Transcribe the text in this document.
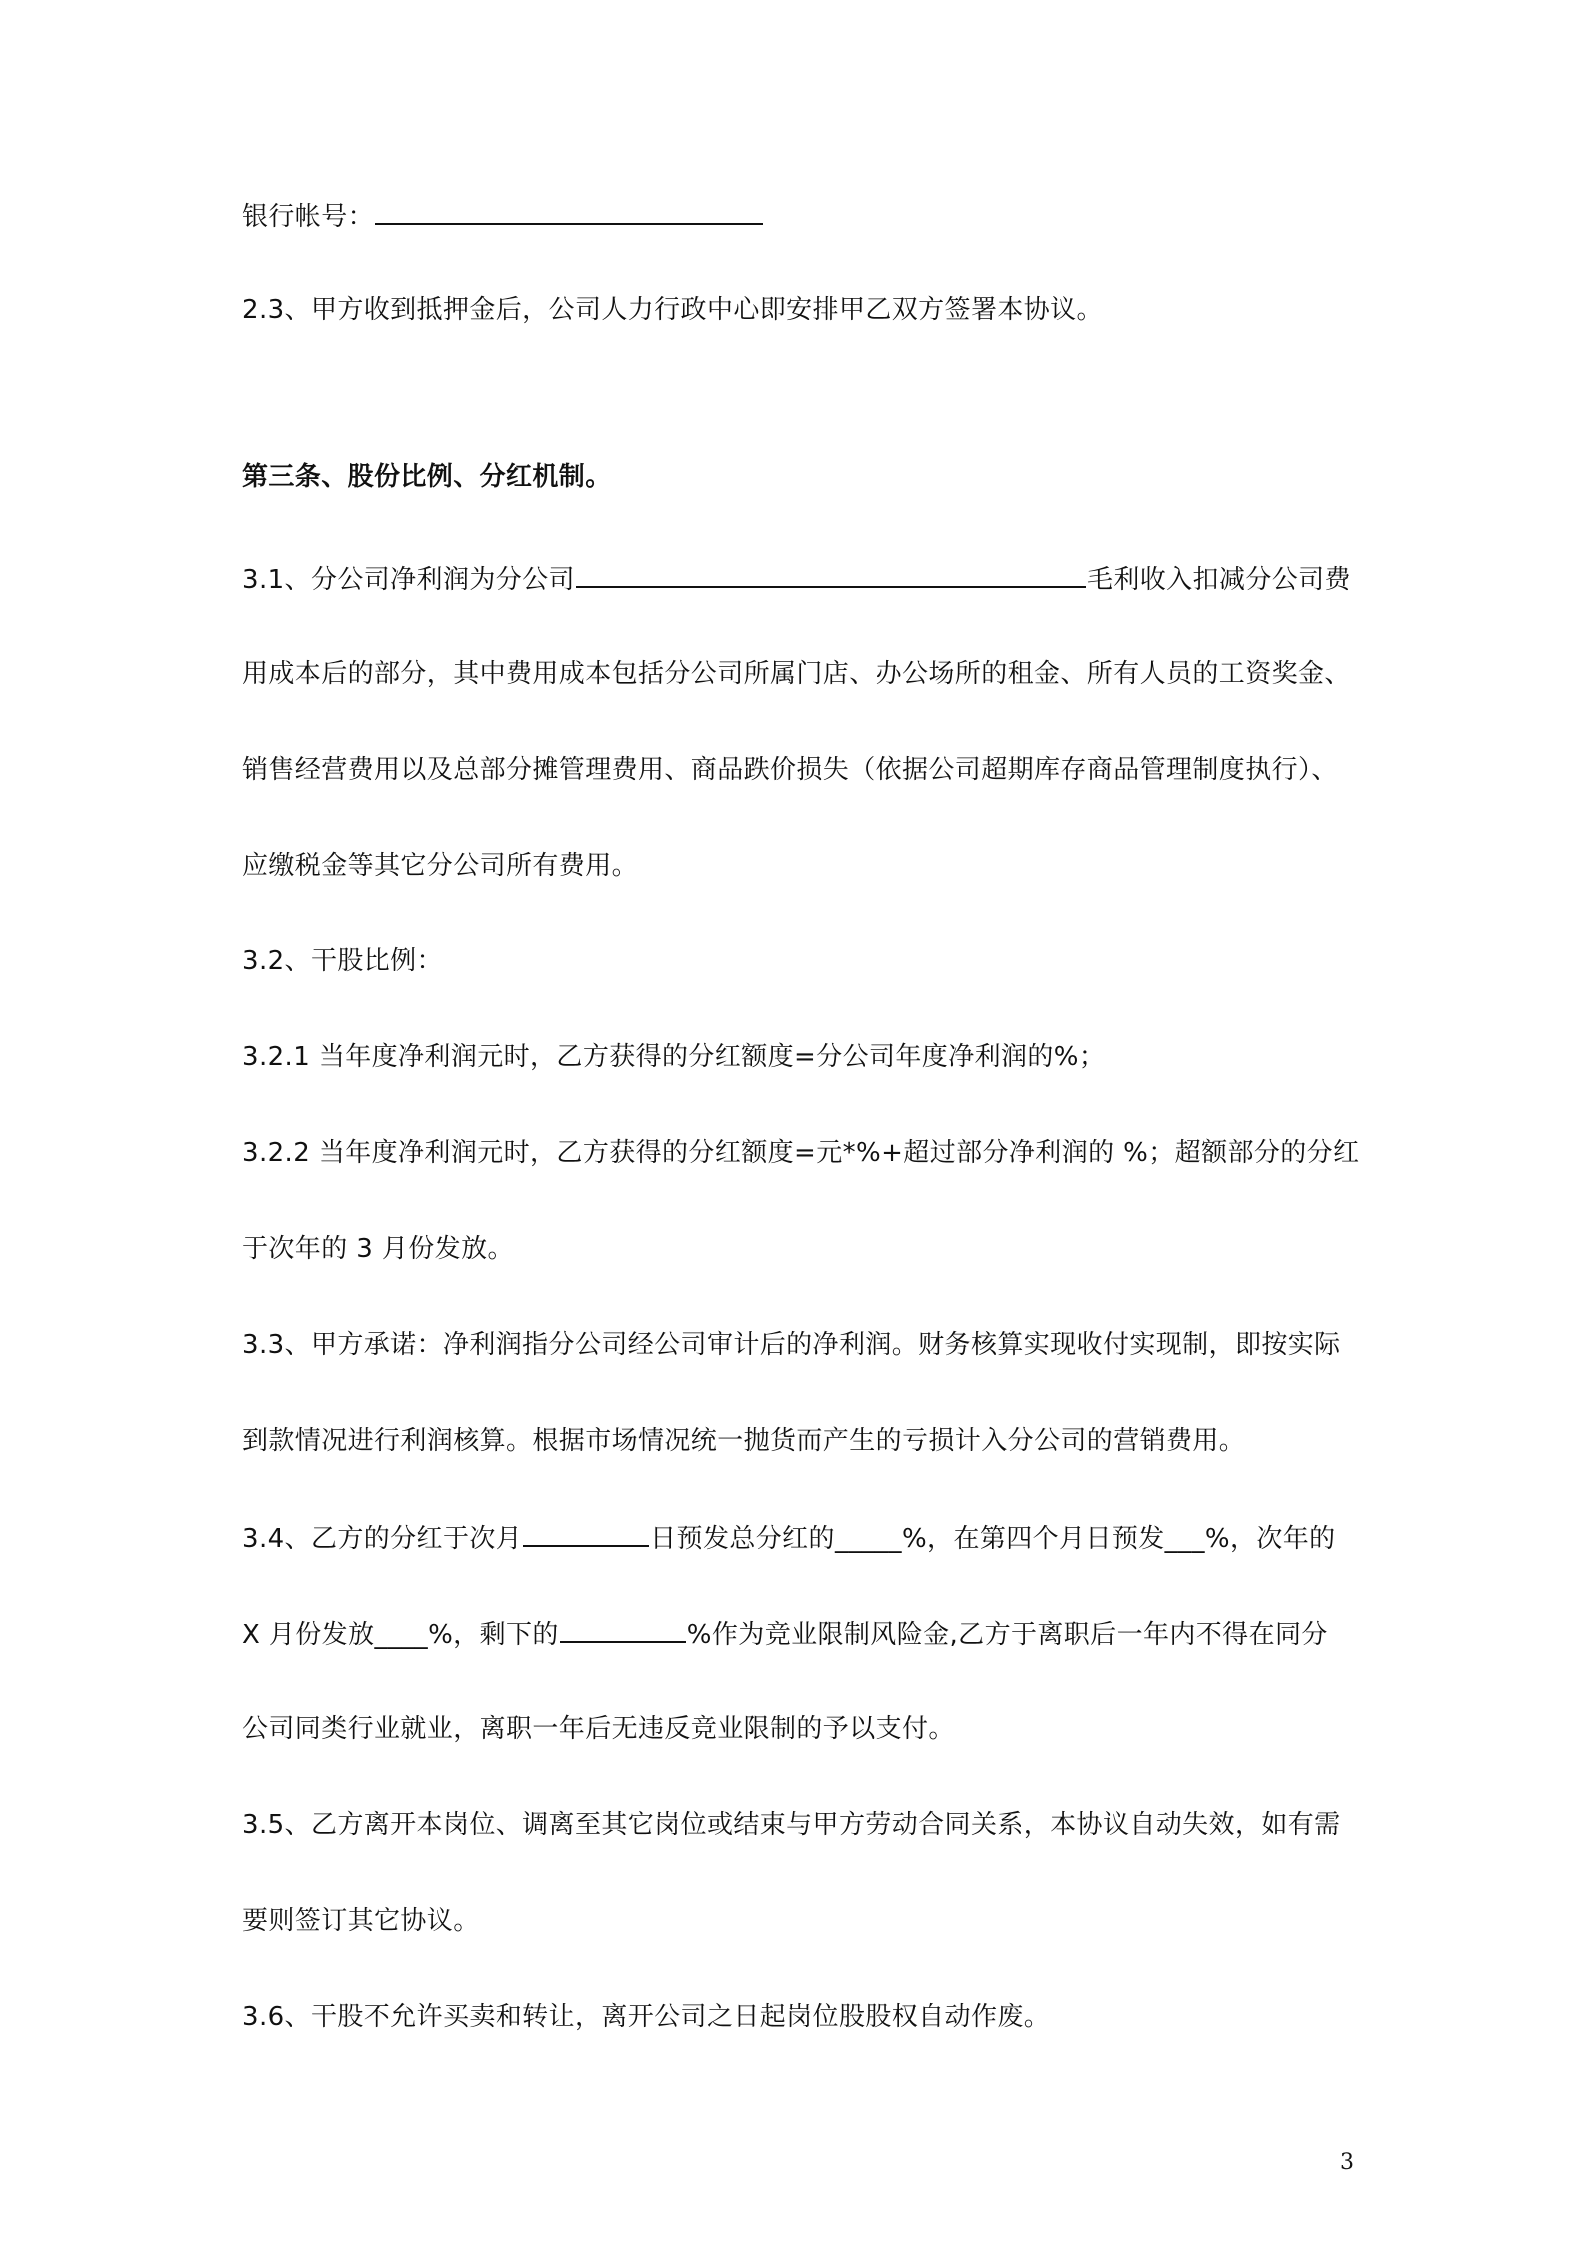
银行帐号：
2.3、甲方收到抵押金后，公司人力行政中心即安排甲乙双方签署本协议。
第三条、股份比例、分红机制。
3.1、分公司净利润为分公司	毛利收入扣减分公司费
用成本后的部分，其中费用成本包括分公司所属门店、办公场所的租金、所有人员的工资奖金、
销售经营费用以及总部分摊管理费用、商品跌价损失（依据公司超期库存商品管理制度执行）、
应缴税金等其它分公司所有费用。
3.2、干股比例：
3.2.1 当年度净利润元时，乙方获得的分红额度=分公司年度净利润的%；
3.2.2 当年度净利润元时，乙方获得的分红额度=元*%+超过部分净利润的 %；超额部分的分红
于次年的 3 月份发放。
3.3、甲方承诺：净利润指分公司经公司审计后的净利润。财务核算实现收付实现制，即按实际
到款情况进行利润核算。根据市场情况统一抛货而产生的亏损计入分公司的营销费用。
3.4、乙方的分红于次月	日预发总分红的_____%，在第四个月日预发___%，次年的
X 月份发放____%，剩下的	%作为竞业限制风险金,乙方于离职后一年内不得在同分
公司同类行业就业，离职一年后无违反竞业限制的予以支付。
3.5、乙方离开本岗位、调离至其它岗位或结束与甲方劳动合同关系，本协议自动失效，如有需
要则签订其它协议。
3.6、干股不允许买卖和转让，离开公司之日起岗位股股权自动作废。
3
